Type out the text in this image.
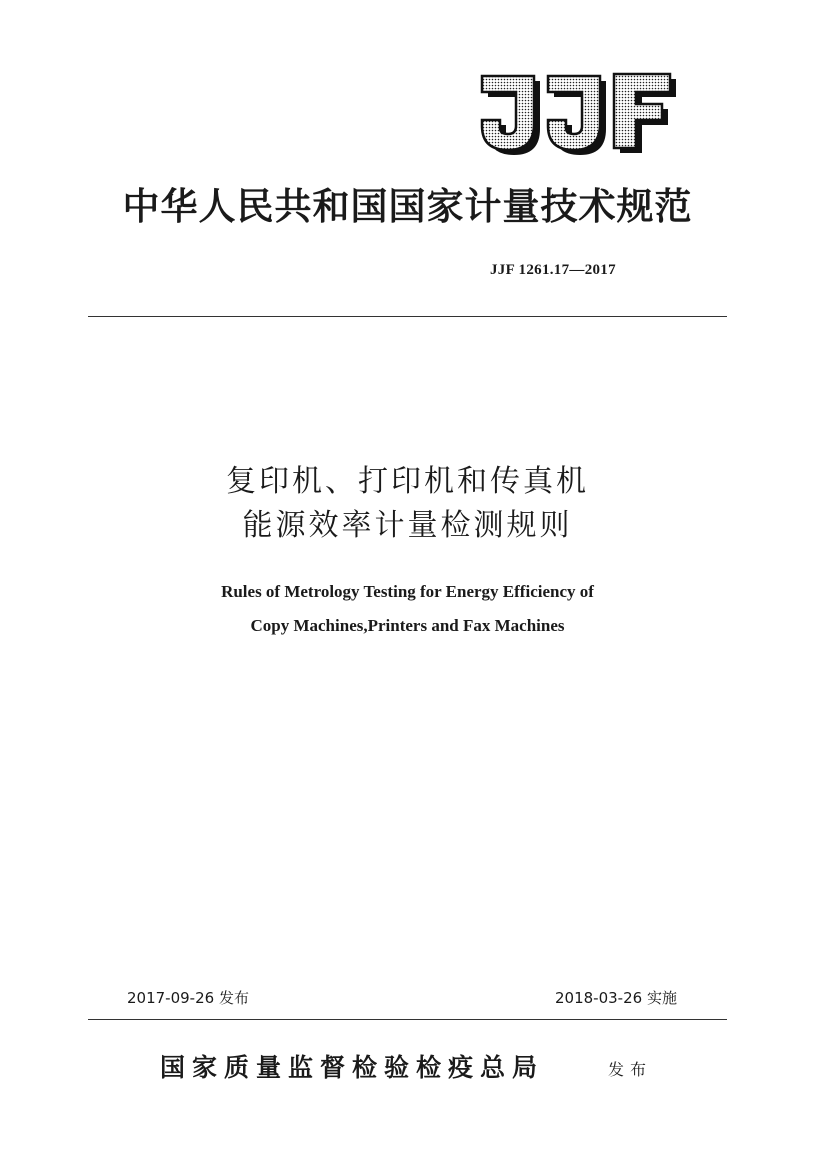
中华人民共和国国家计量技术规范
JJF 1261.17—2017
复印机、打印机和传真机
能源效率计量检测规则
Rules of Metrology Testing for Energy Efficiency of
Copy Machines,Printers and Fax Machines
2017-09-26 发布	2018-03-26 实施
国家质量监督检验检疫总局	发布
